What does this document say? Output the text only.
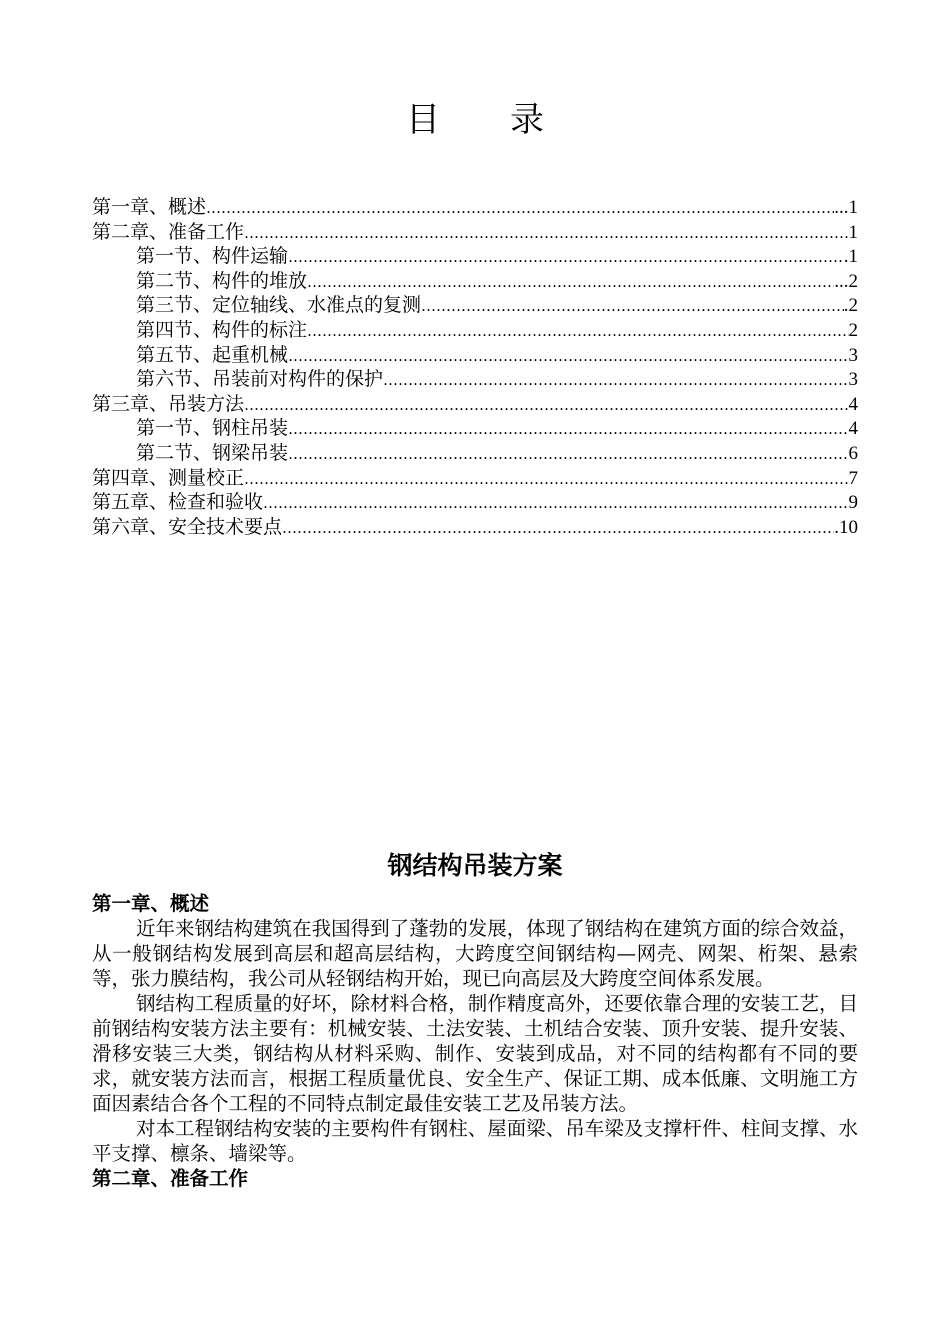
目录
第一章、概述 ……………………………………………………………………………………………………………………………………………………………………………………	...1
第二章、准备工作 ……………………………………………………………………………………………………………………………………………………………………………………	1
第一节、构件运输 ……………………………………………………………………………………………………………………………………………………………………………………	.1
第二节、构件的堆放 ……………………………………………………………………………………………………………………………………………………………………………………	...2
第三节、定位轴线、水准点的复测 ……………………………………………………………………………………………………………………………………………………………………………………	.2
第四节、构件的标注 ……………………………………………………………………………………………………………………………………………………………………………………	2
第五节、起重机械 ……………………………………………………………………………………………………………………………………………………………………………………	3
第六节、吊装前对构件的保护 ……………………………………………………………………………………………………………………………………………………………………………………	3
第三章、吊装方法 ……………………………………………………………………………………………………………………………………………………………………………………	4
第一节、钢柱吊装 ……………………………………………………………………………………………………………………………………………………………………………………	4
第二节、钢梁吊装 ……………………………………………………………………………………………………………………………………………………………………………………	6
第四章、测量校正 ……………………………………………………………………………………………………………………………………………………………………………………	7
第五章、检查和验收 ……………………………………………………………………………………………………………………………………………………………………………………	9
第六章、安全技术要点 ……………………………………………………………………………………………………………………………………………………………………………………	.10
钢结构吊装方案
第一章、概述

近年来钢结构建筑在我国得到了蓬勃的发展，体现了钢结构在建筑方面的综合效益，从一般钢结构发展到高层和超高层结构，大跨度空间钢结构—网壳、网架、桁架、悬索等，张力膜结构，我公司从轻钢结构开始，现已向高层及大跨度空间体系发展。

钢结构工程质量的好坏，除材料合格，制作精度高外，还要依靠合理的安装工艺，目前钢结构安装方法主要有：机械安装、土法安装、土机结合安装、顶升安装、提升安装、滑移安装三大类，钢结构从材料采购、制作、安装到成品，对不同的结构都有不同的要求，就安装方法而言，根据工程质量优良、安全生产、保证工期、成本低廉、文明施工方面因素结合各个工程的不同特点制定最佳安装工艺及吊装方法。

对本工程钢结构安装的主要构件有钢柱、屋面梁、吊车梁及支撑杆件、柱间支撑、水平支撑、檩条、墙梁等。

第二章、准备工作
